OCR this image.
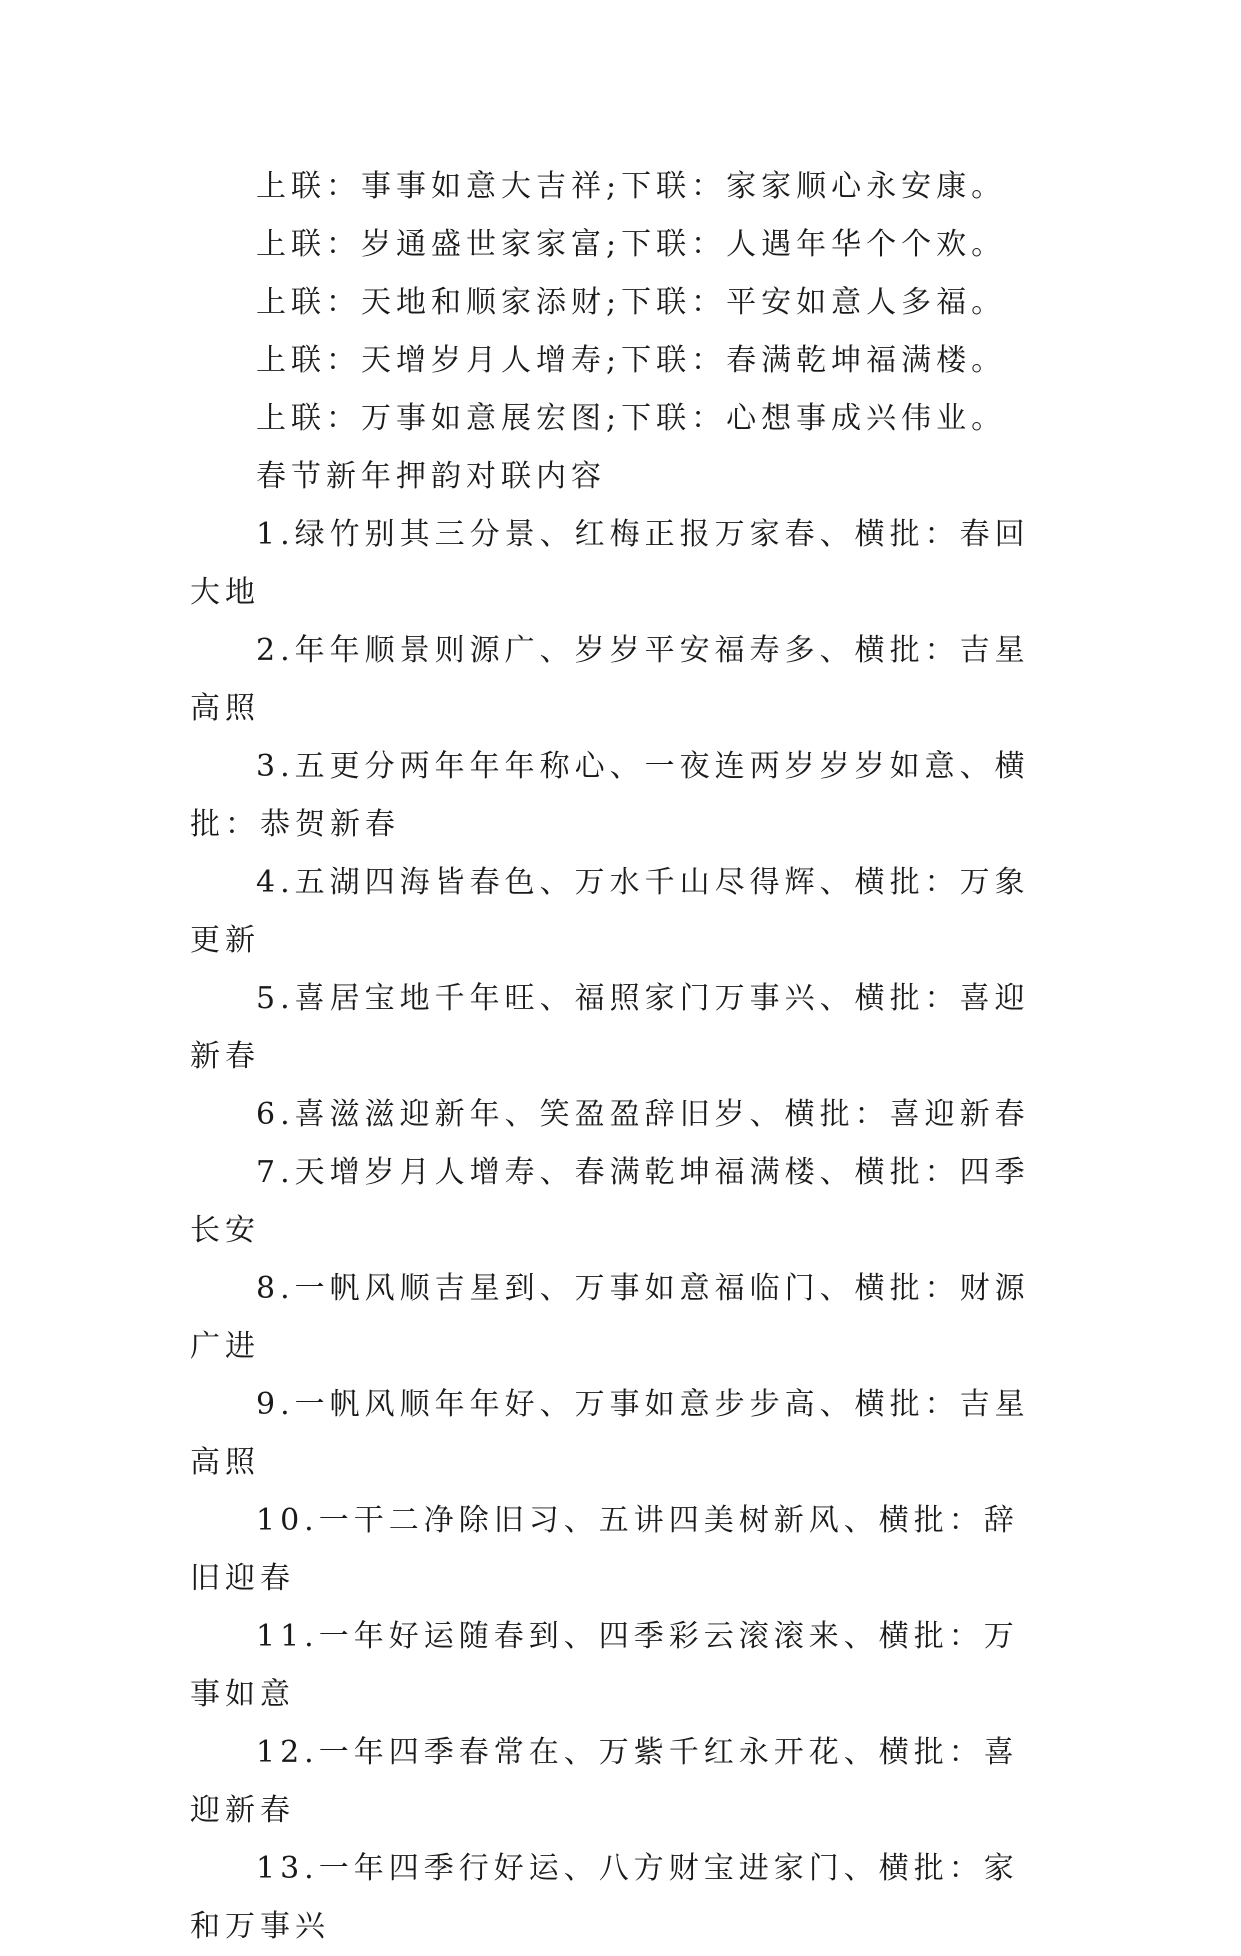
上联：事事如意大吉祥;下联：家家顺心永安康。

上联：岁通盛世家家富;下联：人遇年华个个欢。

上联：天地和顺家添财;下联：平安如意人多福。

上联：天增岁月人增寿;下联：春满乾坤福满楼。

上联：万事如意展宏图;下联：心想事成兴伟业。

春节新年押韵对联内容

1.绿竹别其三分景、红梅正报万家春、横批：春回大地

2.年年顺景则源广、岁岁平安福寿多、横批：吉星高照

3.五更分两年年年称心、一夜连两岁岁岁如意、横批：恭贺新春

4.五湖四海皆春色、万水千山尽得辉、横批：万象更新

5.喜居宝地千年旺、福照家门万事兴、横批：喜迎新春

6.喜滋滋迎新年、笑盈盈辞旧岁、横批：喜迎新春

7.天增岁月人增寿、春满乾坤福满楼、横批：四季长安

8.一帆风顺吉星到、万事如意福临门、横批：财源广进

9.一帆风顺年年好、万事如意步步高、横批：吉星高照

10.一干二净除旧习、五讲四美树新风、横批：辞旧迎春

11.一年好运随春到、四季彩云滚滚来、横批：万事如意

12.一年四季春常在、万紫千红永开花、横批：喜迎新春

13.一年四季行好运、八方财宝进家门、横批：家和万事兴
